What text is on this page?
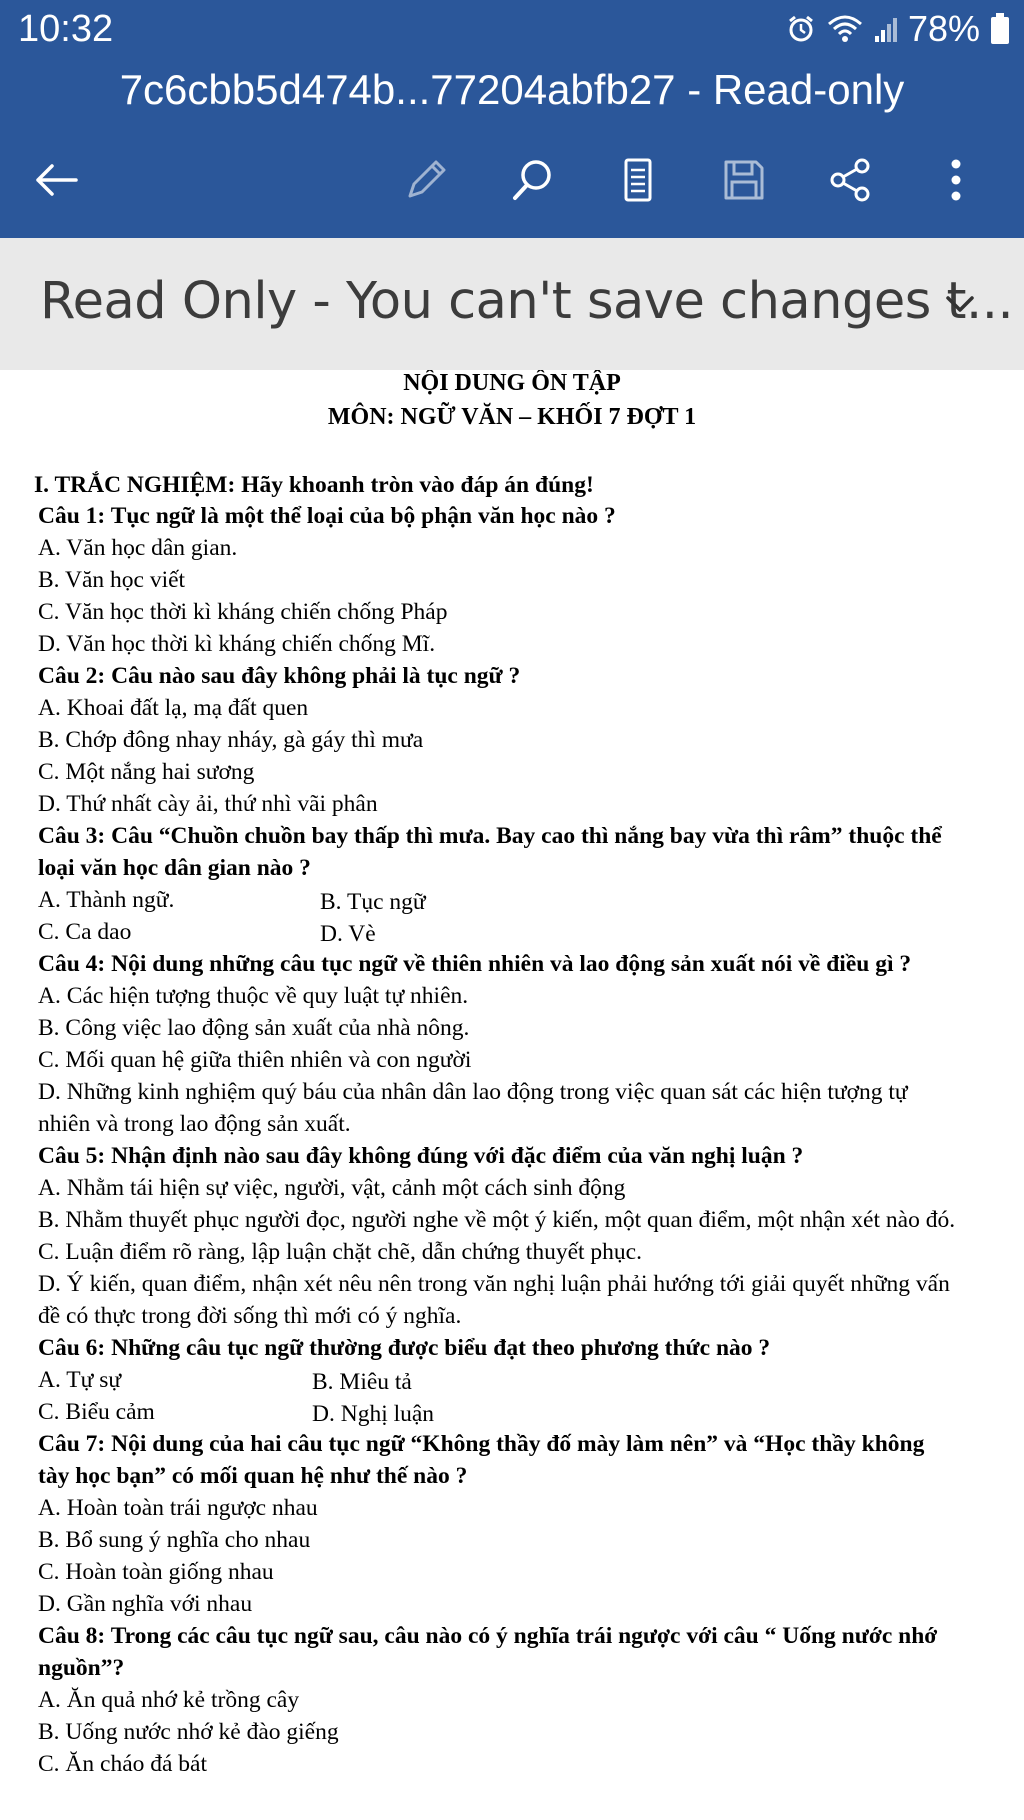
10:32	78%
7c6cbb5d474b...77204abfb27 - Read-only
Read Only - You can't save changes t...
NỘI DUNG ÔN TẬP
MÔN: NGỮ VĂN – KHỐI 7 ĐỢT 1
I. TRẮC NGHIỆM: Hãy khoanh tròn vào đáp án đúng!
Câu 1: Tục ngữ là một thể loại của bộ phận văn học nào ?
A. Văn học dân gian.
B. Văn học viết
C. Văn học thời kì kháng chiến chống Pháp
D. Văn học thời kì kháng chiến chống Mĩ.
Câu 2: Câu nào sau đây không phải là tục ngữ ?
A. Khoai đất lạ, mạ đất quen
B. Chớp đông nhay nháy, gà gáy thì mưa
C. Một nắng hai sương
D. Thứ nhất cày ải, thứ nhì vãi phân
Câu 3: Câu “Chuồn chuồn bay thấp thì mưa. Bay cao thì nắng bay vừa thì râm” thuộc thể
loại văn học dân gian nào ?
A. Thành ngữ.	B. Tục ngữ
C. Ca dao	D. Vè
Câu 4: Nội dung những câu tục ngữ về thiên nhiên và lao động sản xuất nói về điều gì ?
A. Các hiện tượng thuộc về quy luật tự nhiên.
B. Công việc lao động sản xuất của nhà nông.
C. Mối quan hệ giữa thiên nhiên và con người
D. Những kinh nghiệm quý báu của nhân dân lao động trong việc quan sát các hiện tượng tự
nhiên và trong lao động sản xuất.
Câu 5: Nhận định nào sau đây không đúng với đặc điểm của văn nghị luận ?
A. Nhằm tái hiện sự việc, người, vật, cảnh một cách sinh động
B. Nhằm thuyết phục người đọc, người nghe về một ý kiến, một quan điểm, một nhận xét nào đó.
C. Luận điểm rõ ràng, lập luận chặt chẽ, dẫn chứng thuyết phục.
D. Ý kiến, quan điểm, nhận xét nêu nên trong văn nghị luận phải hướng tới giải quyết những vấn
đề có thực trong đời sống thì mới có ý nghĩa.
Câu 6: Những câu tục ngữ thường được biểu đạt theo phương thức nào ?
A. Tự sự	B. Miêu tả
C. Biểu cảm	D. Nghị luận
Câu 7: Nội dung của hai câu tục ngữ “Không thầy đố mày làm nên” và “Học thầy không
tày học bạn” có mối quan hệ như thế nào ?
A. Hoàn toàn trái ngược nhau
B. Bổ sung ý nghĩa cho nhau
C. Hoàn toàn giống nhau
D. Gần nghĩa với nhau
Câu 8: Trong các câu tục ngữ sau, câu nào có ý nghĩa trái ngược với câu “ Uống nước nhớ
nguồn”?
A. Ăn quả nhớ kẻ trồng cây
B. Uống nước nhớ kẻ đào giếng
C. Ăn cháo đá bát
